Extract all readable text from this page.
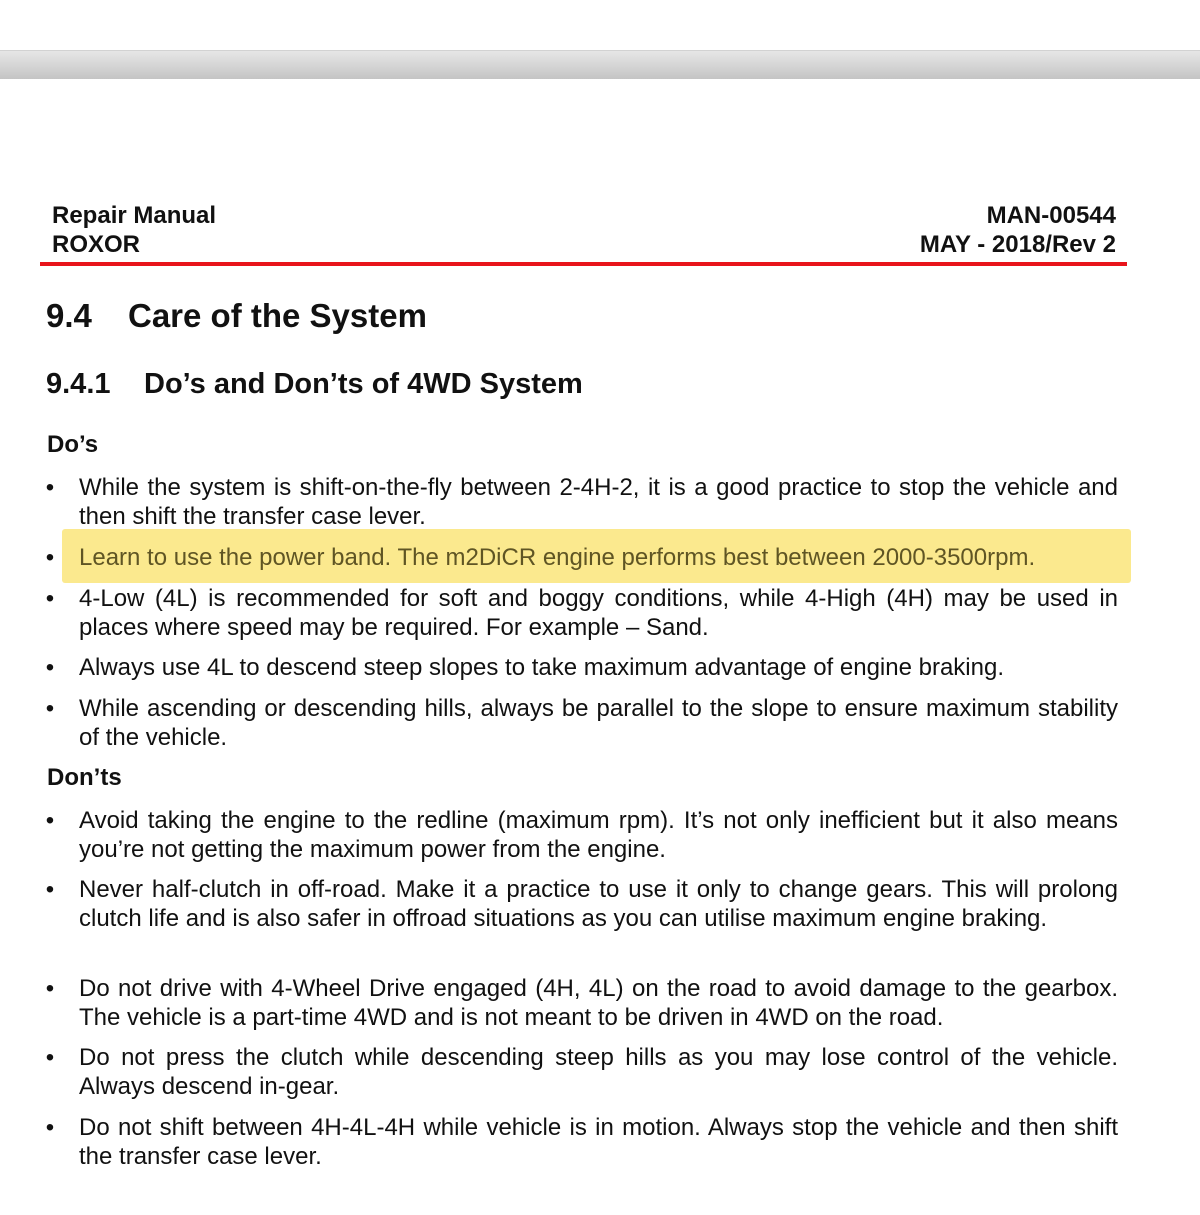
Repair Manual
ROXOR
MAN-00544
MAY - 2018/Rev 2
9.4 Care of the System
9.4.1 Do’s and Don’ts of 4WD System
Do’s
• While the system is shift-on-the-fly between 2-4H-2, it is a good practice to stop the vehicle and then shift the transfer case lever.
• Learn to use the power band. The m2DiCR engine performs best between 2000-3500rpm.
• 4-Low (4L) is recommended for soft and boggy conditions, while 4-High (4H) may be used in places where speed may be required. For example – Sand.
• Always use 4L to descend steep slopes to take maximum advantage of engine braking.
• While ascending or descending hills, always be parallel to the slope to ensure maximum stability of the vehicle.
Don’ts
• Avoid taking the engine to the redline (maximum rpm). It’s not only inefficient but it also means you’re not getting the maximum power from the engine.
• Never half-clutch in off-road. Make it a practice to use it only to change gears. This will prolong clutch life and is also safer in offroad situations as you can utilise maximum engine braking.
• Do not drive with 4-Wheel Drive engaged (4H, 4L) on the road to avoid damage to the gearbox. The vehicle is a part-time 4WD and is not meant to be driven in 4WD on the road.
• Do not press the clutch while descending steep hills as you may lose control of the vehicle. Always descend in-gear.
• Do not shift between 4H-4L-4H while vehicle is in motion. Always stop the vehicle and then shift the transfer case lever.
